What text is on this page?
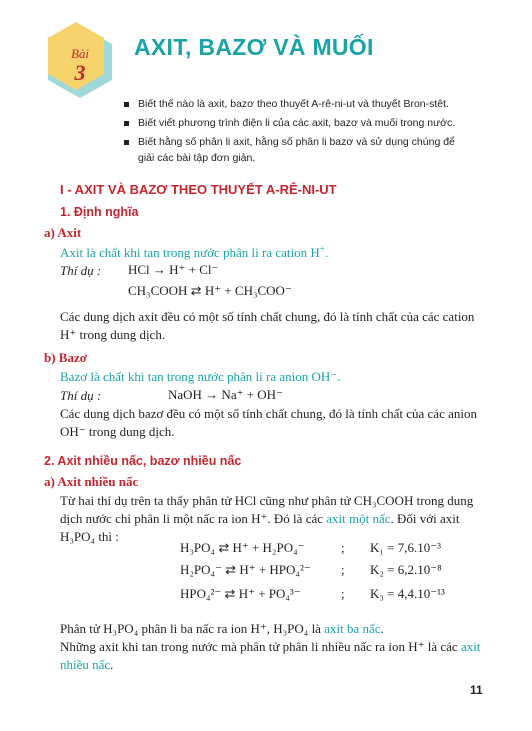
Bài
3
AXIT, BAZƠ VÀ MUỐI
Biết thế nào là axit, bazơ theo thuyết A-rê-ni-ut và thuyết Bron-stêt.
Biết viết phương trình điện li của các axit, bazơ và muối trong nước.
Biết hằng số phân li axit, hằng số phân li bazơ và sử dụng chúng để
giải các bài tập đơn giản.
I - AXIT VÀ BAZƠ THEO THUYẾT A-RÊ-NI-UT
1. Định nghĩa
a) Axit
Axit là chất khi tan trong nước phân li ra cation H+.
Thí dụ : HCl → H⁺ + Cl⁻
CH₃COOH ⇄ H⁺ + CH₃COO⁻
Các dung dịch axit đều có một số tính chất chung, đó là tính chất của các cation
H⁺ trong dung dịch.
b) Bazơ
Bazơ là chất khi tan trong nước phân li ra anion OH⁻.
Thí dụ :	NaOH → Na⁺ + OH⁻
Các dung dịch bazơ đều có một số tính chất chung, đó là tính chất của các anion
OH⁻ trong dung dịch.
2. Axit nhiều nấc, bazơ nhiều nấc
a) Axit nhiều nấc
Từ hai thí dụ trên ta thấy phân tử HCl cũng như phân tử CH₃COOH trong dung
dịch nước chỉ phân li một nấc ra ion H⁺. Đó là các axit một nấc. Đối với axit
H₃PO₄ thì :
H₃PO₄ ⇄ H⁺ + H₂PO₄⁻	; K₁ = 7,6.10⁻³
H₂PO₄⁻ ⇄ H⁺ + HPO₄²⁻ ; K₂ = 6,2.10⁻⁸
HPO₄²⁻ ⇄ H⁺ + PO₄³⁻	; K₃ = 4,4.10⁻¹³
Phân tử H₃PO₄ phân li ba nấc ra ion H⁺, H₃PO₄ là axit ba nấc.
Những axit khi tan trong nước mà phân tử phân li nhiều nấc ra ion H⁺ là các axit
nhiều nấc.
11
